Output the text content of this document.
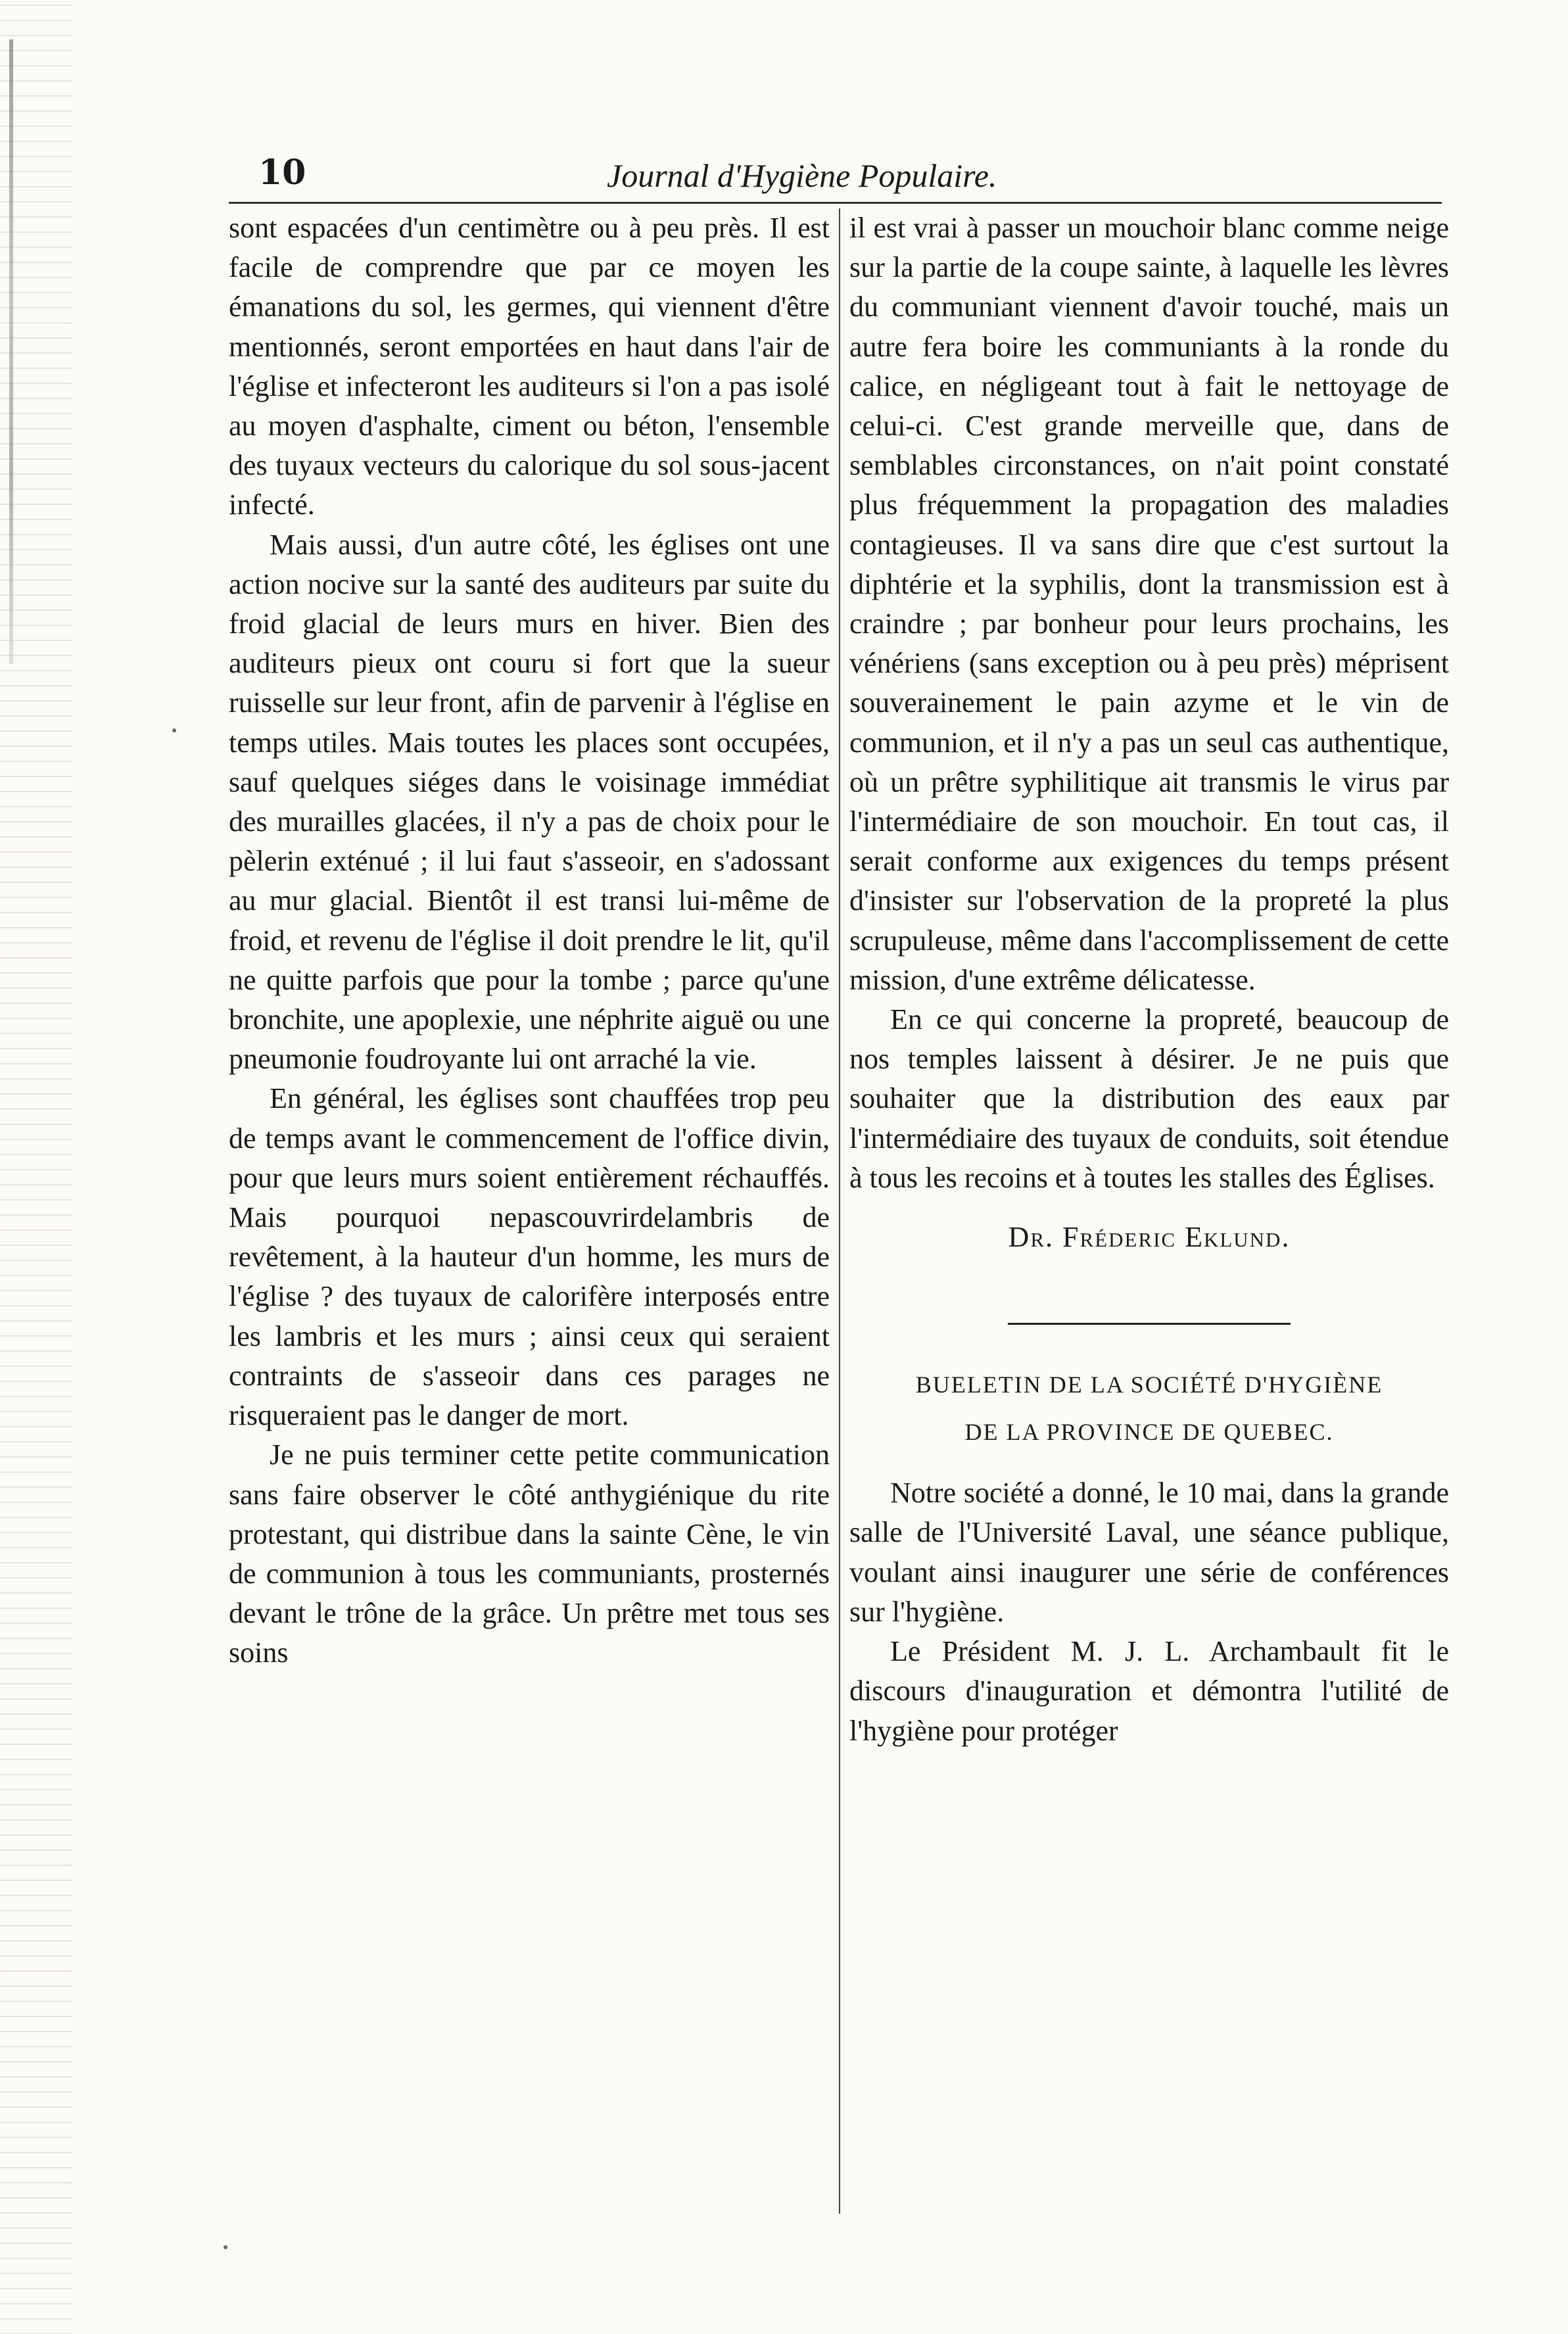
10	Journal d'Hygiène Populaire.

sont espacées d'un centimètre ou à peu près. Il est facile de comprendre que par ce moyen les émanations du sol, les germes, qui viennent d'être mentionnés, seront emportées en haut dans l'air de l'église et infecteront les auditeurs si l'on a pas isolé au moyen d'asphalte, ciment ou béton, l'ensemble des tuyaux vecteurs du calorique du sol sous-jacent infecté.

Mais aussi, d'un autre côté, les églises ont une action nocive sur la santé des auditeurs par suite du froid glacial de leurs murs en hiver. Bien des auditeurs pieux ont couru si fort que la sueur ruisselle sur leur front, afin de parvenir à l'église en temps utiles. Mais toutes les places sont occupées, sauf quelques siéges dans le voisinage immédiat des murailles glacées, il n'y a pas de choix pour le pèlerin exténué ; il lui faut s'asseoir, en s'adossant au mur glacial. Bientôt il est transi lui-même de froid, et revenu de l'église il doit prendre le lit, qu'il ne quitte parfois que pour la tombe ; parce qu'une bronchite, une apoplexie, une néphrite aiguë ou une pneumonie foudroyante lui ont arraché la vie.

En général, les églises sont chauffées trop peu de temps avant le commencement de l'office divin, pour que leurs murs soient entièrement réchauffés. Mais pourquoi nepascouvrirdelambris de revêtement, à la hauteur d'un homme, les murs de l'église ? des tuyaux de calorifère interposés entre les lambris et les murs ; ainsi ceux qui seraient contraints de s'asseoir dans ces parages ne risqueraient pas le danger de mort.

Je ne puis terminer cette petite communication sans faire observer le côté anthygiénique du rite protestant, qui distribue dans la sainte Cène, le vin de communion à tous les communiants, prosternés devant le trône de la grâce. Un prêtre met tous ses soins

il est vrai à passer un mouchoir blanc comme neige sur la partie de la coupe sainte, à laquelle les lèvres du communiant viennent d'avoir touché, mais un autre fera boire les communiants à la ronde du calice, en négligeant tout à fait le nettoyage de celui-ci. C'est grande merveille que, dans de semblables circonstances, on n'ait point constaté plus fréquemment la propagation des maladies contagieuses. Il va sans dire que c'est surtout la diphtérie et la syphilis, dont la transmission est à craindre ; par bonheur pour leurs prochains, les vénériens (sans exception ou à peu près) méprisent souverainement le pain azyme et le vin de communion, et il n'y a pas un seul cas authentique, où un prêtre syphilitique ait transmis le virus par l'intermédiaire de son mouchoir. En tout cas, il serait conforme aux exigences du temps présent d'insister sur l'observation de la propreté la plus scrupuleuse, même dans l'accomplissement de cette mission, d'une extrême délicatesse.

En ce qui concerne la propreté, beaucoup de nos temples laissent à désirer. Je ne puis que souhaiter que la distribution des eaux par l'intermédiaire des tuyaux de conduits, soit étendue à tous les recoins et à toutes les stalles des Églises.

Dr. Fréderic Eklund.

BUELETIN DE LA SOCIÉTÉ D'HYGIÈNE
DE LA PROVINCE DE QUEBEC.

Notre société a donné, le 10 mai, dans la grande salle de l'Université Laval, une séance publique, voulant ainsi inaugurer une série de conférences sur l'hygiène.

Le Président M. J. L. Archambault fit le discours d'inauguration et démontra l'utilité de l'hygiène pour protéger
